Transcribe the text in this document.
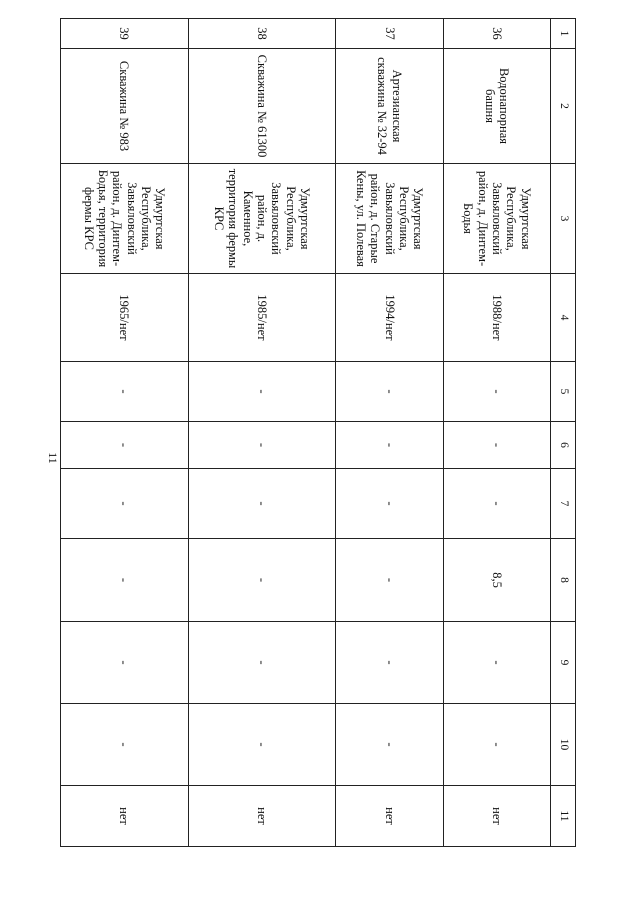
11
1	2	3	4	5	6	7	8	9	10	11
36	Водонапорная башня	Удмуртская Республика, Завьяловский район, д. Динтем-Бодья	1988/нет	-	-	-	8,5	-	-	нет
37	Артезианская скважина № 32-94	Удмуртская Республика, Завьяловский район, д. Старые Кены, ул. Полевая	1994/нет	-	-	-	-	-	-	нет
38	Скважина № 61300	Удмуртская Республика, Завьяловский район, д. Каменное, территория фермы КРС	1985/нет	-	-	-	-	-	-	нет
39	Скважина № 983	Удмуртская Республика, Завьяловский район, д. Динтем-Бодья, территория фермы КРС	1965/нет	-	-	-	-	-	-	нет
